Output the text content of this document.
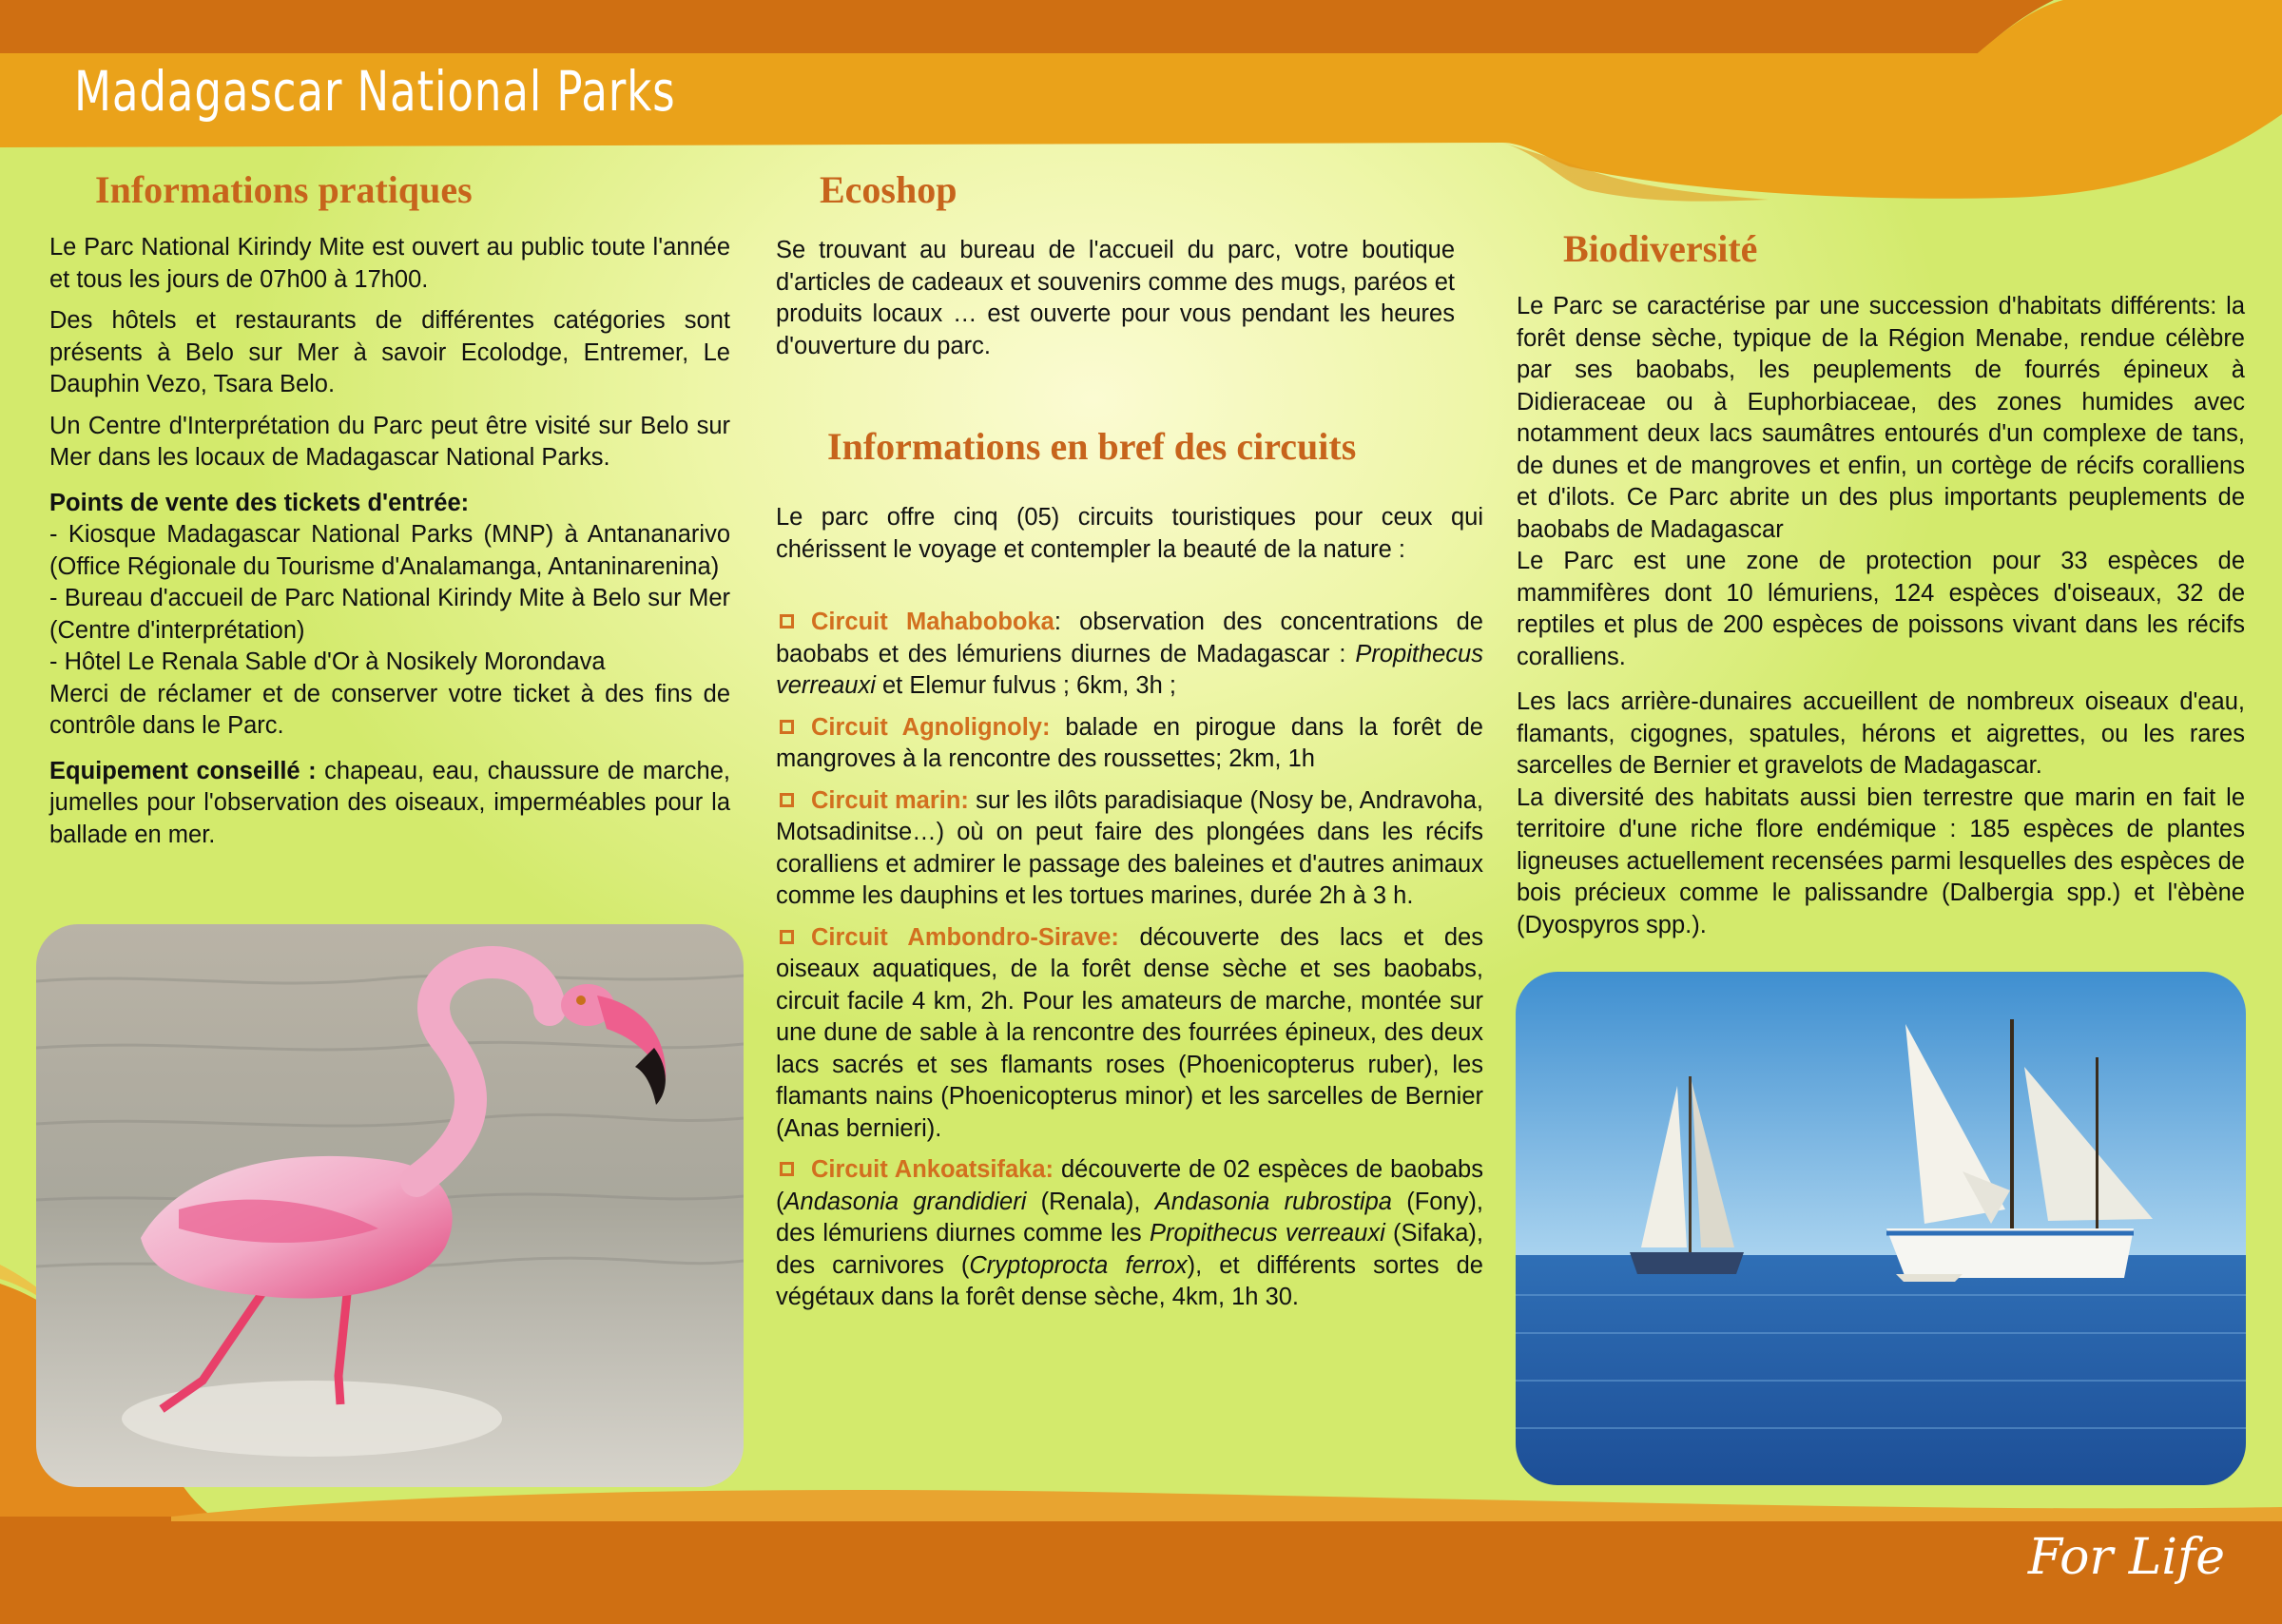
Madagascar National Parks
For Life
Informations pratiques

Le Parc National Kirindy Mite est ouvert au public toute l'année et tous les jours de 07h00 à 17h00.

Des hôtels et restaurants de différentes catégories sont présents à Belo sur Mer à savoir Ecolodge, Entremer, Le Dauphin Vezo, Tsara Belo.

Un Centre d'Interprétation du Parc peut être visité sur Belo sur Mer dans les locaux de Madagascar National Parks.

Points de vente des tickets d'entrée:

- Kiosque Madagascar National Parks (MNP) à Antananarivo (Office Régionale du Tourisme d'Analamanga, Antaninarenina)

- Bureau d'accueil de Parc National Kirindy Mite à Belo sur Mer (Centre d'interprétation)

- Hôtel Le Renala Sable d'Or à Nosikely Morondava

Merci de réclamer et de conserver votre ticket à des fins de contrôle dans le Parc.

Equipement conseillé : chapeau, eau, chaussure de marche, jumelles pour l'observation des oiseaux, imperméables pour la ballade en mer.

Ecoshop

Se trouvant au bureau de l'accueil du parc, votre boutique d'articles de cadeaux et souvenirs comme des mugs, paréos et produits locaux … est ouverte pour vous pendant les heures d'ouverture du parc.

Informations en bref des circuits

Le parc offre cinq (05) circuits touristiques pour ceux qui chérissent le voyage et contempler la beauté de la nature :

Circuit Mahaboboka: observation des concentrations de baobabs et des lémuriens diurnes de Madagascar : Propithecus verreauxi et Elemur fulvus ; 6km, 3h ;

Circuit Agnolignoly: balade en pirogue dans la forêt de mangroves à la rencontre des roussettes; 2km, 1h

Circuit marin: sur les ilôts paradisiaque (Nosy be, Andravoha, Motsadinitse…) où on peut faire des plongées dans les récifs coralliens et admirer le passage des baleines et d'autres animaux comme les dauphins et les tortues marines, durée 2h à 3 h.

Circuit Ambondro-Sirave: découverte des lacs et des oiseaux aquatiques, de la forêt dense sèche et ses baobabs, circuit facile 4 km, 2h. Pour les amateurs de marche, montée sur une dune de sable à la rencontre des fourrées épineux, des deux lacs sacrés et ses flamants roses (Phoenicopterus ruber), les flamants nains (Phoenicopterus minor) et les sarcelles de Bernier (Anas bernieri).

Circuit Ankoatsifaka: découverte de 02 espèces de baobabs (Andasonia grandidieri (Renala), Andasonia rubrostipa (Fony), des lémuriens diurnes comme les Propithecus verreauxi (Sifaka), des carnivores (Cryptoprocta ferrox), et différents sortes de végétaux dans la forêt dense sèche, 4km, 1h 30.

Biodiversité

Le Parc se caractérise par une succession d'habitats différents: la forêt dense sèche, typique de la Région Menabe, rendue célèbre par ses baobabs, les peuplements de fourrés épineux à Didieraceae ou à Euphorbiaceae, des zones humides avec notamment deux lacs saumâtres entourés d'un complexe de tans, de dunes et de mangroves et enfin, un cortège de récifs coralliens et d'ilots. Ce Parc abrite un des plus importants peuplements de baobabs de Madagascar

Le Parc est une zone de protection pour 33 espèces de mammifères dont 10 lémuriens, 124 espèces d'oiseaux, 32 de reptiles et plus de 200 espèces de poissons vivant dans les récifs coralliens.

Les lacs arrière-dunaires accueillent de nombreux oiseaux d'eau, flamants, cigognes, spatules, hérons et aigrettes, ou les rares sarcelles de Bernier et gravelots de Madagascar.

La diversité des habitats aussi bien terrestre que marin en fait le territoire d'une riche flore endémique : 185 espèces de plantes ligneuses actuellement recensées parmi lesquelles des espèces de bois précieux comme le palissandre (Dalbergia spp.) et l'èbène (Dyospyros spp.).
